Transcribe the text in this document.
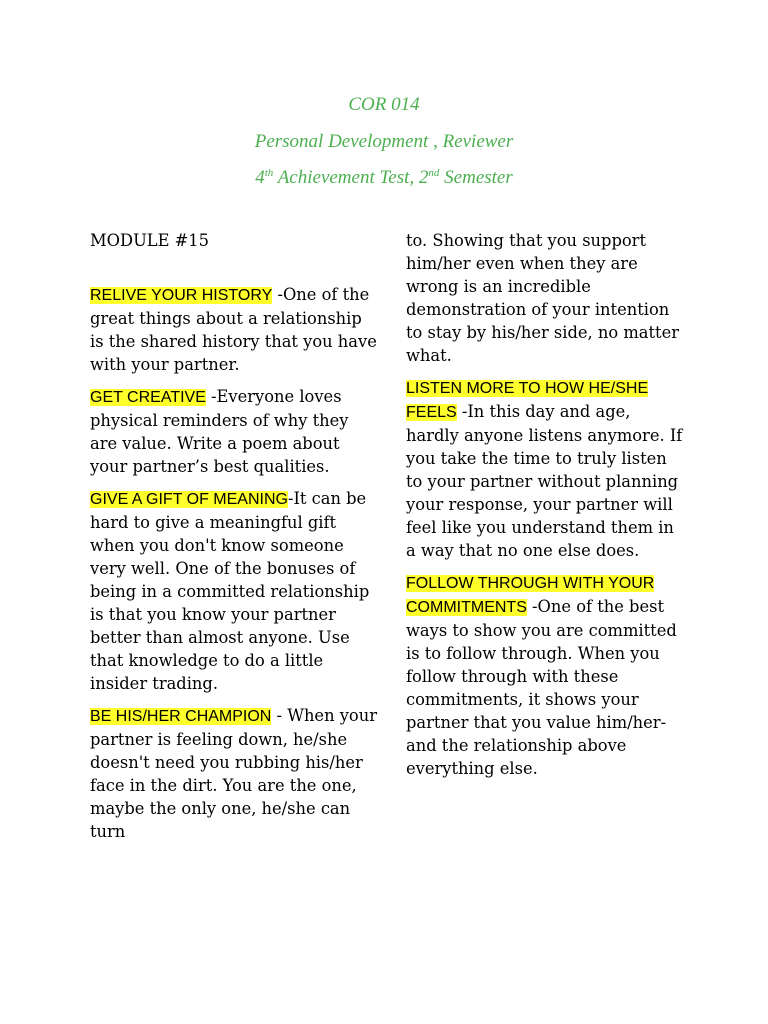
COR 014
Personal Development , Reviewer
4th Achievement Test, 2nd Semester

MODULE #15

RELIVE YOUR HISTORY -One of the great things about a relationship is the shared history that you have with your partner.

GET CREATIVE -Everyone loves physical reminders of why they are value. Write a poem about your partner’s best qualities.

GIVE A GIFT OF MEANING-It can be hard to give a meaningful gift when you don't know someone very well. One of the bonuses of being in a committed relationship is that you know your partner better than almost anyone. Use that knowledge to do a little insider trading.

BE HIS/HER CHAMPION - When your partner is feeling down, he/she doesn't need you rubbing his/her face in the dirt. You are the one, maybe the only one, he/she can turn

to. Showing that you support him/her even when they are wrong is an incredible demonstration of your intention to stay by his/her side, no matter what.

LISTEN MORE TO HOW HE/SHE FEELS -In this day and age, hardly anyone listens anymore. If you take the time to truly listen to your partner without planning your response, your partner will feel like you understand them in a way that no one else does.

FOLLOW THROUGH WITH YOUR COMMITMENTS -One of the best ways to show you are committed is to follow through. When you follow through with these commitments, it shows your partner that you value him/her-and the relationship above everything else.
